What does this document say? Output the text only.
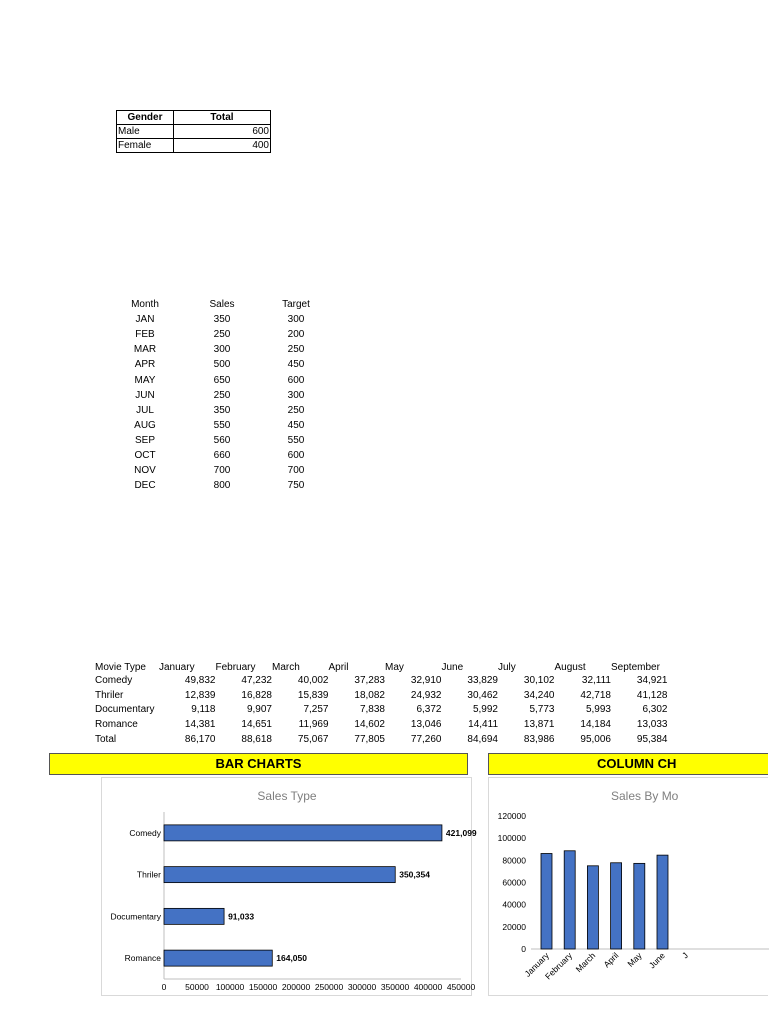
Gender	Total
Male	600
Female	400
Month	Sales	Target
JAN	350	300
FEB	250	200
MAR	300	250
APR	500	450
MAY	650	600
JUN	250	300
JUL	350	250
AUG	550	450
SEP	560	550
OCT	660	600
NOV	700	700
DEC	800	750
Movie Type	January	February	March	April	May	June	July	August	September
Comedy	49,832	47,232	40,002	37,283	32,910	33,829	30,102	32,111	34,921
Thriler	12,839	16,828	15,839	18,082	24,932	30,462	34,240	42,718	41,128
Documentary	9,118	9,907	7,257	7,838	6,372	5,992	5,773	5,993	6,302
Romance	14,381	14,651	11,969	14,602	13,046	14,411	13,871	14,184	13,033
Total	86,170	88,618	75,067	77,805	77,260	84,694	83,986	95,006	95,384
BAR CHARTS	COLUMN CH
Sales Type
Comedy	421,099
Thriler	350,354
Documentary	91,033
Romance	164,050
0 50000 100000 150000 200000 250000 300000 350000 400000 450000
Sales By Mo
0
20000
40000
60000
80000
100000
120000
January
February March April May June J
